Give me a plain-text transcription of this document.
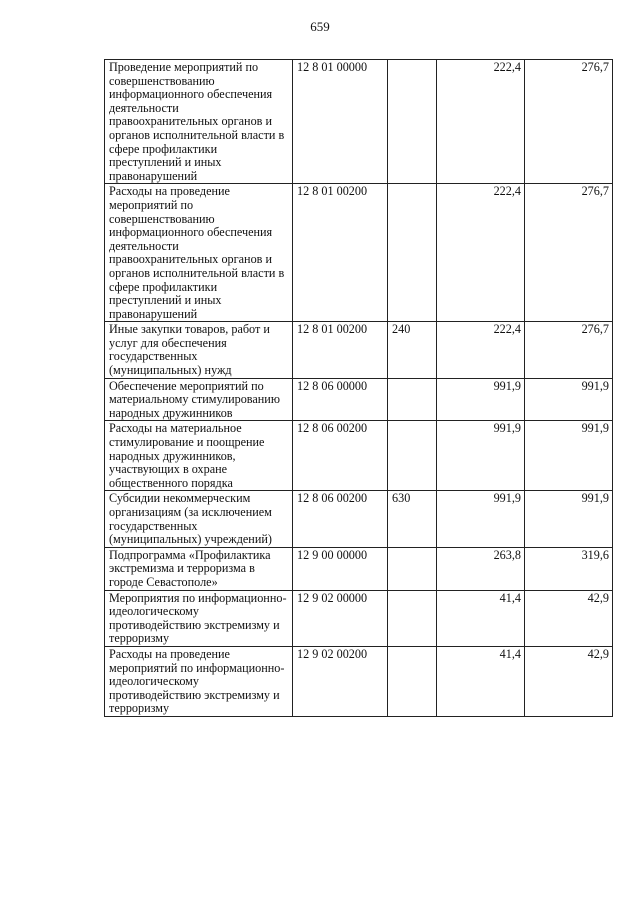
659
Проведение мероприятий по совершенствованию информационного обеспечения деятельности правоохранительных органов и органов исполнительной власти в сфере профилактики преступлений и иных правонарушений	12 8 01 00000		222,4	276,7
Расходы на проведение мероприятий по совершенствованию информационного обеспечения деятельности правоохранительных органов и органов исполнительной власти в сфере профилактики преступлений и иных правонарушений	12 8 01 00200		222,4	276,7
Иные закупки товаров, работ и услуг для обеспечения государственных (муниципальных) нужд	12 8 01 00200	240	222,4	276,7
Обеспечение мероприятий по материальному стимулированию народных дружинников	12 8 06 00000		991,9	991,9
Расходы на материальное стимулирование и поощрение народных дружинников, участвующих в охране общественного порядка	12 8 06 00200		991,9	991,9
Субсидии некоммерческим организациям (за исключением государственных (муниципальных) учреждений)	12 8 06 00200	630	991,9	991,9
Подпрограмма «Профилактика экстремизма и терроризма в городе Севастополе»	12 9 00 00000		263,8	319,6
Мероприятия по информационно-идеологическому противодействию экстремизму и терроризму	12 9 02 00000		41,4	42,9
Расходы на проведение мероприятий по информационно-идеологическому противодействию экстремизму и терроризму	12 9 02 00200		41,4	42,9
